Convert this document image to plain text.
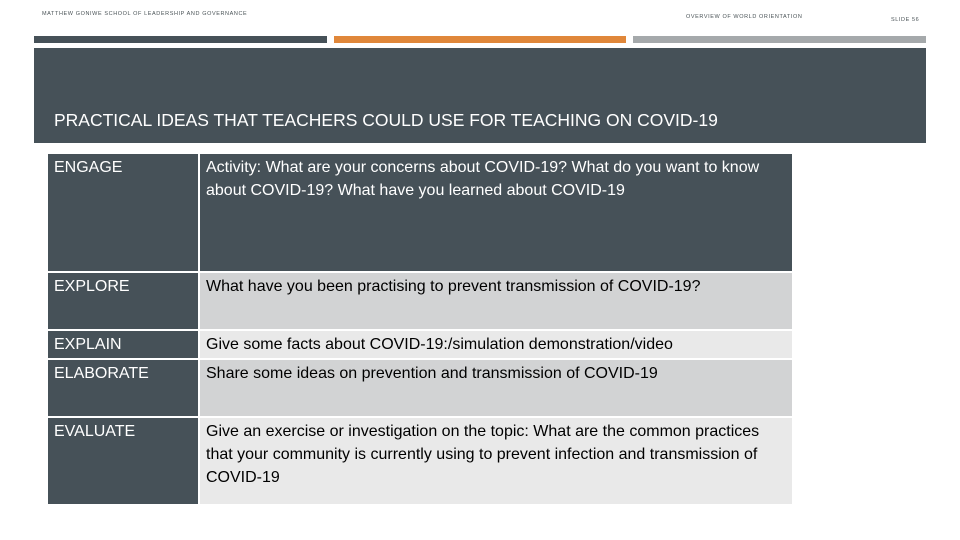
MATTHEW GONIWE SCHOOL OF LEADERSHIP AND GOVERNANCE	OVERVIEW OF WORLD ORIENTATION	SLIDE 56
PRACTICAL IDEAS THAT TEACHERS COULD USE FOR TEACHING ON COVID-19
ENGAGE	Activity: What are your concerns about COVID-19? What do you want to know about COVID-19? What have you learned about COVID-19
EXPLORE	What have you been practising to prevent transmission of COVID-19?
EXPLAIN	Give some facts about COVID-19:/simulation demonstration/video
ELABORATE	Share some ideas on prevention and transmission of COVID-19
EVALUATE	Give an exercise or investigation on the topic: What are the common practices that your community is currently using to prevent infection and transmission of COVID-19
